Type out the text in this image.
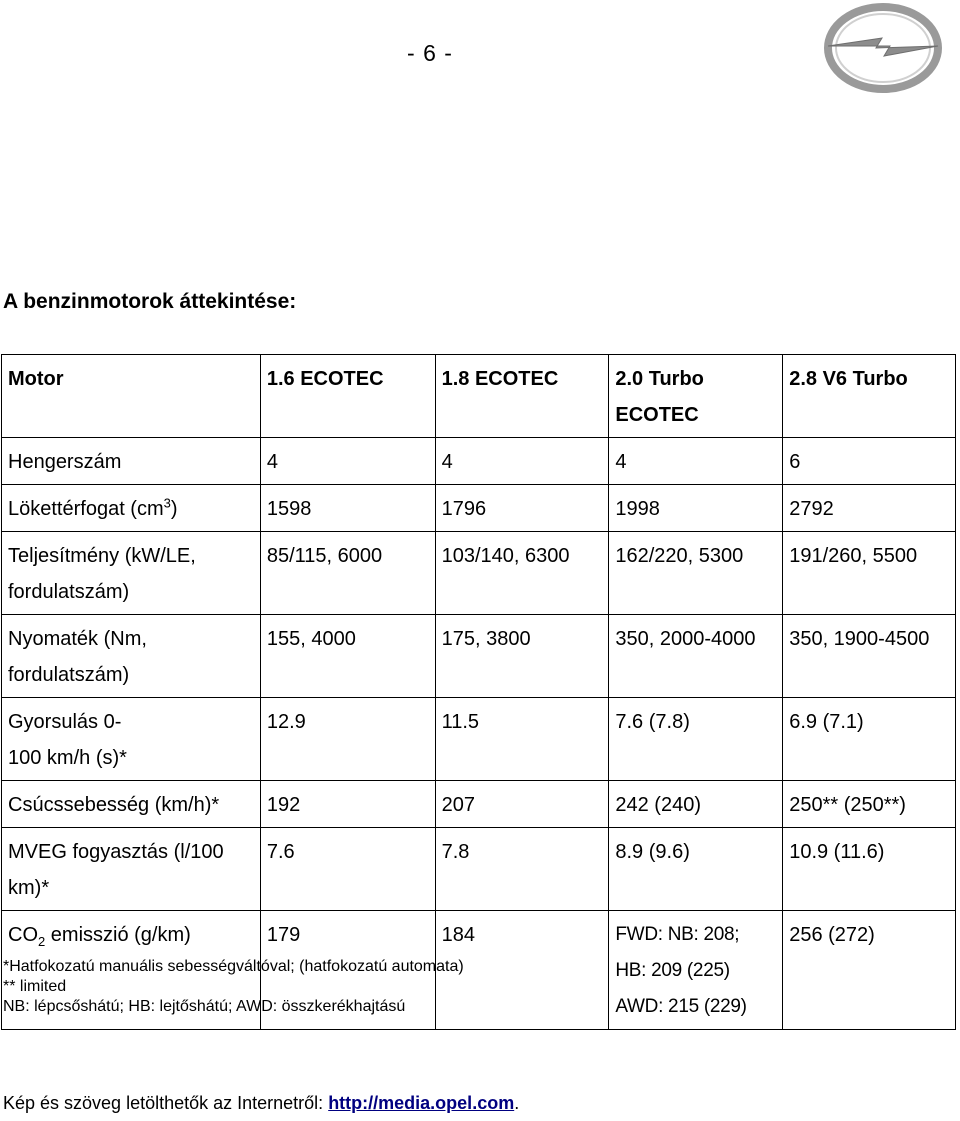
- 6 -
A benzinmotorok áttekintése:
Motor	1.6 ECOTEC	1.8 ECOTEC	2.0 Turbo ECOTEC	2.8 V6 Turbo
Hengerszám	4	4	4	6
Lökettérfogat $(cm^3)$	1598	1796	1998	2792
Teljesítmény (kW/LE, fordulatszám)	85/115, 6000	103/140, 6300	162/220, 5300	191/260, 5500
Nyomaték (Nm, fordulatszám)	155, 4000	175, 3800	350, 2000-4000	350, 1900-4500
Gyorsulás 0-100 km/h (s)*	12.9	11.5	7.6 (7.8)	6.9 (7.1)
Csúcssebesség (km/h)*	192	207	242 (240)	250** (250**)
MVEG fogyasztás (l/100 km)*	7.6	7.8	8.9 (9.6)	10.9 (11.6)
$CO_2$ emisszió (g/km)	179	184	FWD: NB: 208; HB: 209 (225) AWD: 215 (229)	256 (272)
*Hatfokozatú manuális sebességváltóval; (hatfokozatú automata)
** limited
NB: lépcsőshátú; HB: lejtőshátú; AWD: összkerékhajtású
Kép és szöveg letölthetők az Internetről: http://media.opel.com.
